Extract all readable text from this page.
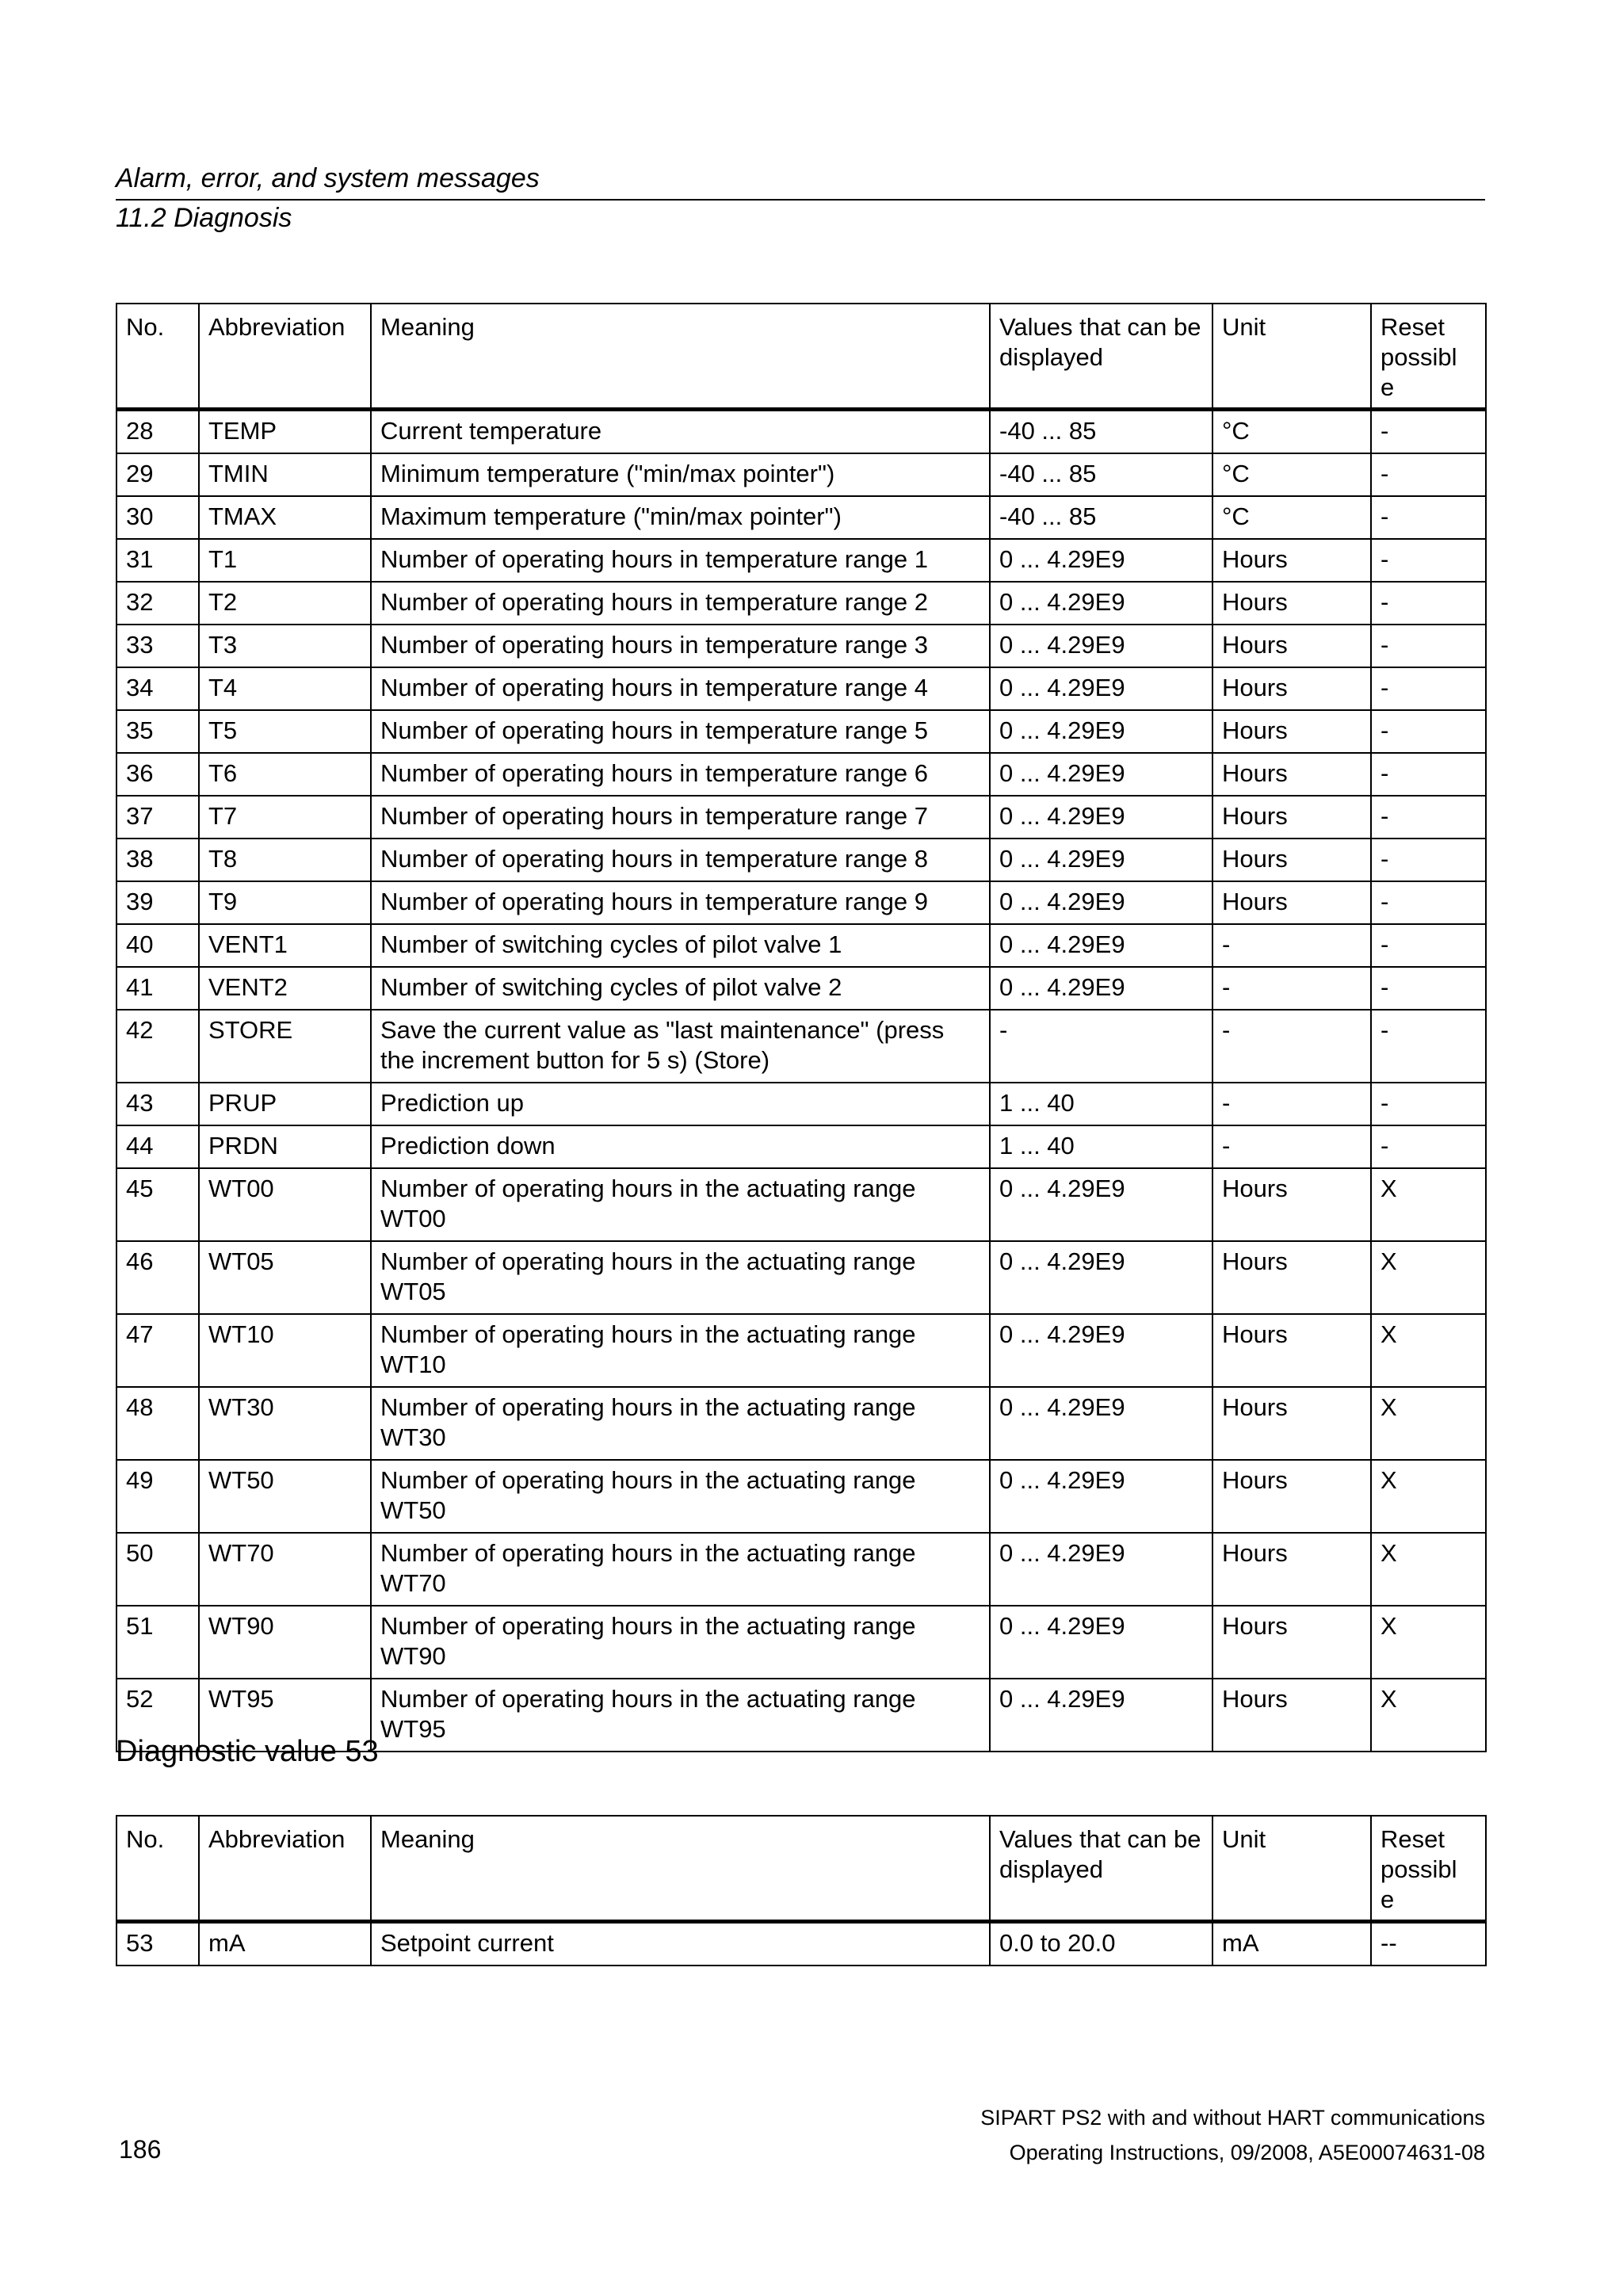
Alarm, error, and system messages
11.2 Diagnosis
No.	Abbreviation	Meaning	Values that can be displayed	Unit	Reset possibl e
28	TEMP	Current temperature	-40 ... 85	°C	-
29	TMIN	Minimum temperature ("min/max pointer")	-40 ... 85	°C	-
30	TMAX	Maximum temperature ("min/max pointer")	-40 ... 85	°C	-
31	T1	Number of operating hours in temperature range 1	0 ... 4.29E9	Hours	-
32	T2	Number of operating hours in temperature range 2	0 ... 4.29E9	Hours	-
33	T3	Number of operating hours in temperature range 3	0 ... 4.29E9	Hours	-
34	T4	Number of operating hours in temperature range 4	0 ... 4.29E9	Hours	-
35	T5	Number of operating hours in temperature range 5	0 ... 4.29E9	Hours	-
36	T6	Number of operating hours in temperature range 6	0 ... 4.29E9	Hours	-
37	T7	Number of operating hours in temperature range 7	0 ... 4.29E9	Hours	-
38	T8	Number of operating hours in temperature range 8	0 ... 4.29E9	Hours	-
39	T9	Number of operating hours in temperature range 9	0 ... 4.29E9	Hours	-
40	VENT1	Number of switching cycles of pilot valve 1	0 ... 4.29E9	-	-
41	VENT2	Number of switching cycles of pilot valve 2	0 ... 4.29E9	-	-
42	STORE	Save the current value as "last maintenance" (press the increment button for 5 s) (Store)	-	-	-
43	PRUP	Prediction up	1 ... 40	-	-
44	PRDN	Prediction down	1 ... 40	-	-
45	WT00	Number of operating hours in the actuating range WT00	0 ... 4.29E9	Hours	X
46	WT05	Number of operating hours in the actuating range WT05	0 ... 4.29E9	Hours	X
47	WT10	Number of operating hours in the actuating range WT10	0 ... 4.29E9	Hours	X
48	WT30	Number of operating hours in the actuating range WT30	0 ... 4.29E9	Hours	X
49	WT50	Number of operating hours in the actuating range WT50	0 ... 4.29E9	Hours	X
50	WT70	Number of operating hours in the actuating range WT70	0 ... 4.29E9	Hours	X
51	WT90	Number of operating hours in the actuating range WT90	0 ... 4.29E9	Hours	X
52	WT95	Number of operating hours in the actuating range WT95	0 ... 4.29E9	Hours	X
Diagnostic value 53
No.	Abbreviation	Meaning	Values that can be displayed	Unit	Reset possibl e
53	mA	Setpoint current	0.0 to 20.0	mA	--
186
SIPART PS2 with and without HART communications
Operating Instructions, 09/2008, A5E00074631-08
